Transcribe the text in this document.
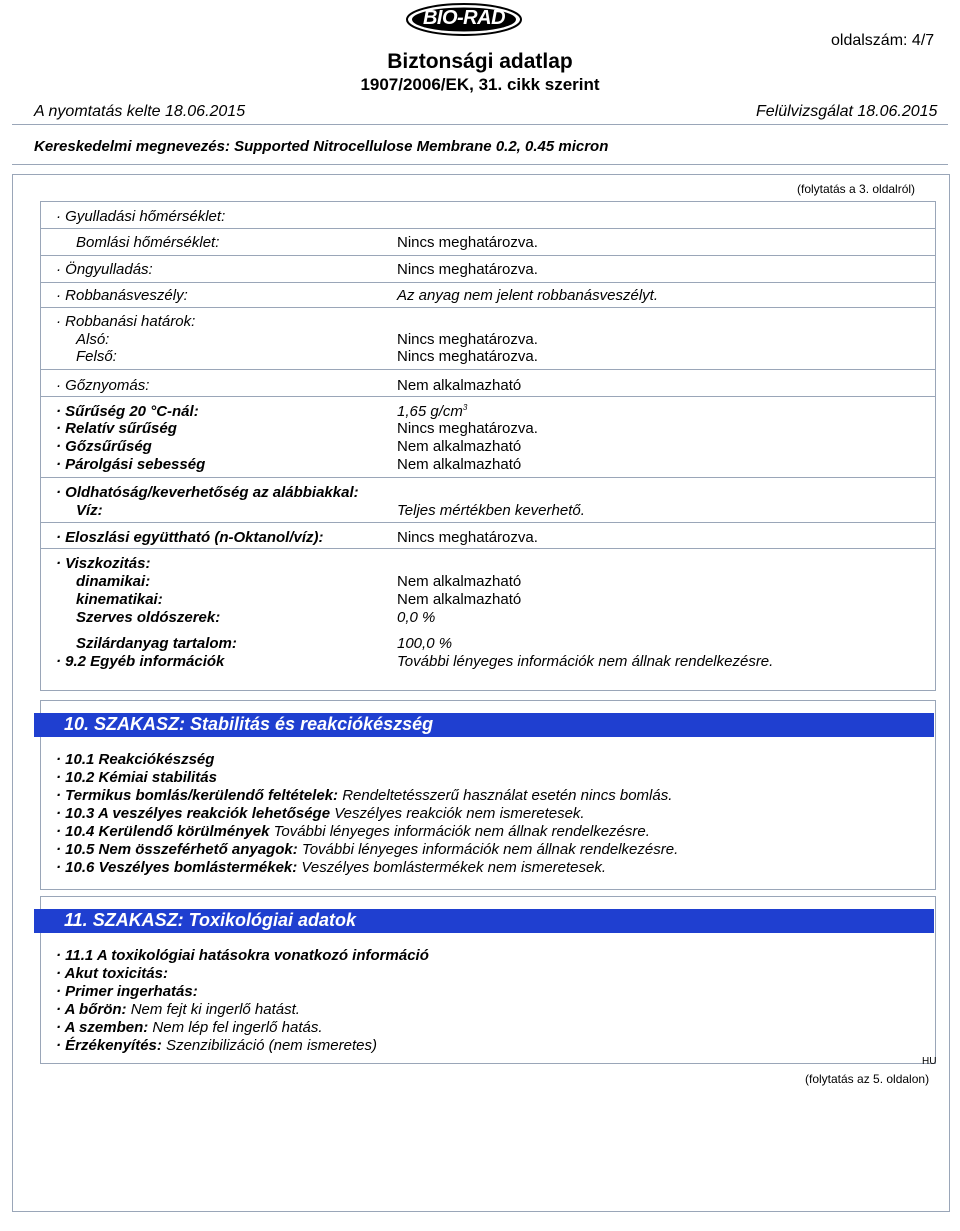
BIO-RAD
oldalszám: 4/7
Biztonsági adatlap
1907/2006/EK, 31. cikk szerint
A nyomtatás kelte 18.06.2015	Felülvizsgálat 18.06.2015
Kereskedelmi megnevezés: Supported Nitrocellulose Membrane 0.2, 0.45 micron
(folytatás a 3. oldalról)
· Gyulladási hőmérséklet:
Bomlási hőmérséklet:	Nincs meghatározva.
· Öngyulladás:	Nincs meghatározva.
· Robbanásveszély:	Az anyag nem jelent robbanásveszélyt.
· Robbanási határok:
Alsó:	Nincs meghatározva.
Felső:	Nincs meghatározva.
· Gőznyomás:	Nem alkalmazható
· Sűrűség 20 °C-nál:	1,65 $g/cm^3$
· Relatív sűrűség	Nincs meghatározva.
· Gőzsűrűség	Nem alkalmazható
· Párolgási sebesség	Nem alkalmazható
· Oldhatóság/keverhetőség az alábbiakkal:
Víz:	Teljes mértékben keverhető.
· Eloszlási együttható (n-Oktanol/víz):	Nincs meghatározva.
· Viszkozitás:
dinamikai:	Nem alkalmazható
kinematikai:	Nem alkalmazható
Szerves oldószerek:	0,0 %
Szilárdanyag tartalom:	100,0 %
· 9.2 Egyéb információk	További lényeges információk nem állnak rendelkezésre.
10. SZAKASZ: Stabilitás és reakciókészség
· 10.1 Reakciókészség
· 10.2 Kémiai stabilitás
· Termikus bomlás/kerülendő feltételek: Rendeltetésszerű használat esetén nincs bomlás.
· 10.3 A veszélyes reakciók lehetősége Veszélyes reakciók nem ismeretesek.
· 10.4 Kerülendő körülmények További lényeges információk nem állnak rendelkezésre.
· 10.5 Nem összeférhető anyagok: További lényeges információk nem állnak rendelkezésre.
· 10.6 Veszélyes bomlástermékek: Veszélyes bomlástermékek nem ismeretesek.
11. SZAKASZ: Toxikológiai adatok
· 11.1 A toxikológiai hatásokra vonatkozó információ
· Akut toxicitás:
· Primer ingerhatás:
· A bőrön: Nem fejt ki ingerlő hatást.
· A szemben: Nem lép fel ingerlő hatás.
· Érzékenyítés: Szenzibilizáció (nem ismeretes)
HU
(folytatás az 5. oldalon)
